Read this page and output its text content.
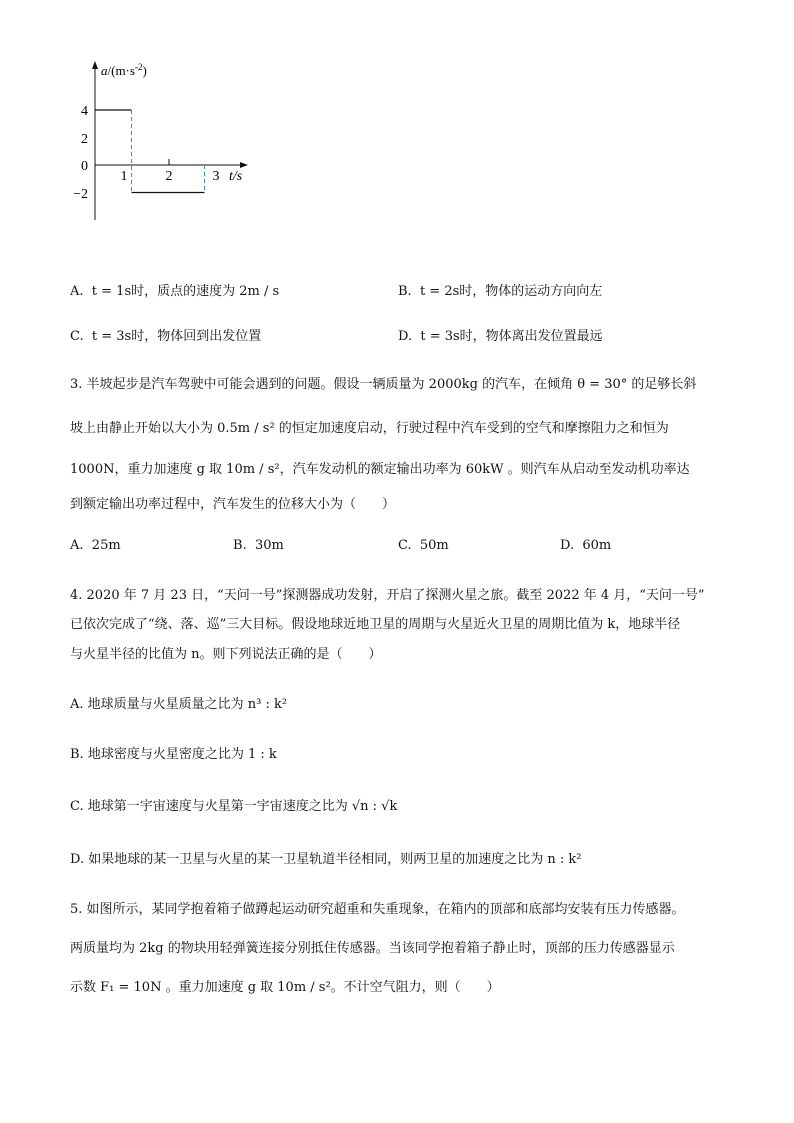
$a/(m\cdot s^{-2})$
4
2
0
−2
1	2	3 t/s
A. t = 1s时，质点的速度为 2m / s	B. t = 2s时，物体的运动方向向左
C. t = 3s时，物体回到出发位置	D. t = 3s时，物体离出发位置最远
3. 半坡起步是汽车驾驶中可能会遇到的问题。假设一辆质量为 2000kg 的汽车，在倾角 θ = 30° 的足够长斜
坡上由静止开始以大小为 0.5m / s² 的恒定加速度启动，行驶过程中汽车受到的空气和摩擦阻力之和恒为
1000N，重力加速度 g 取 10m / s²，汽车发动机的额定输出功率为 60kW 。则汽车从启动至发动机功率达
到额定输出功率过程中，汽车发生的位移大小为（　　）
A. 25m	B. 30m	C. 50m	D. 60m
4. 2020 年 7 月 23 日，“天问一号”探测器成功发射，开启了探测火星之旅。截至 2022 年 4 月，“天问一号”
已依次完成了“绕、落、巡”三大目标。假设地球近地卫星的周期与火星近火卫星的周期比值为 k，地球半径
与火星半径的比值为 n。则下列说法正确的是（　　）
A. 地球质量与火星质量之比为 n³ : k²
B. 地球密度与火星密度之比为 1 : k
C. 地球第一宇宙速度与火星第一宇宙速度之比为 √n : √k
D. 如果地球的某一卫星与火星的某一卫星轨道半径相同，则两卫星的加速度之比为 n : k²
5. 如图所示，某同学抱着箱子做蹲起运动研究超重和失重现象，在箱内的顶部和底部均安装有压力传感器。
两质量均为 2kg 的物块用轻弹簧连接分别抵住传感器。当该同学抱着箱子静止时，顶部的压力传感器显示
示数 F₁ = 10N 。重力加速度 g 取 10m / s²。不计空气阻力，则（　　）
